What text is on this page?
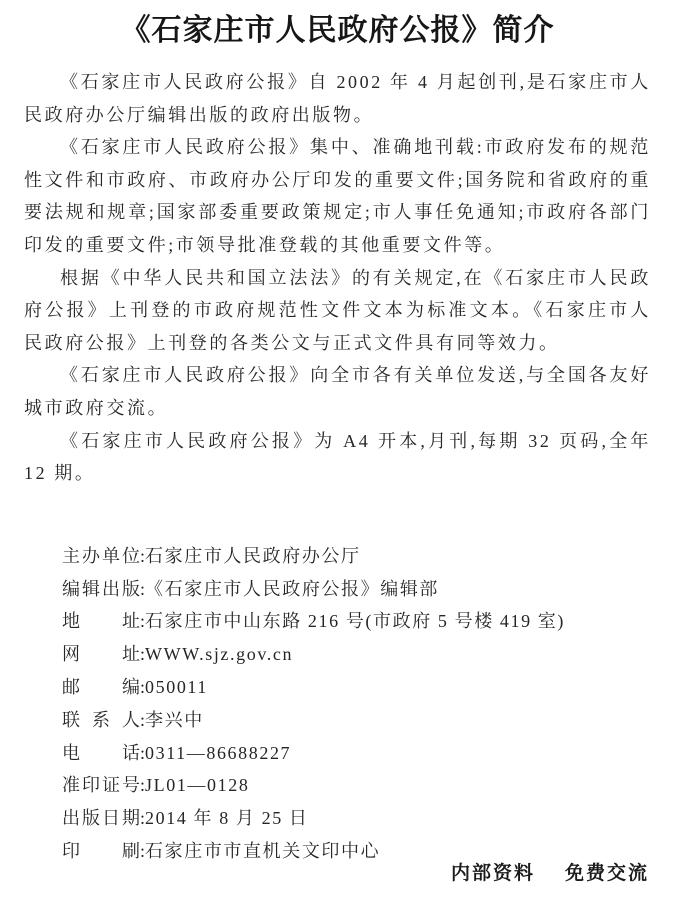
《石家庄市人民政府公报》简介

《石家庄市人民政府公报》自 2002 年 4 月起创刊,是石家庄市人民政府办公厅编辑出版的政府出版物。

《石家庄市人民政府公报》集中、准确地刊载:市政府发布的规范性文件和市政府、市政府办公厅印发的重要文件;国务院和省政府的重要法规和规章;国家部委重要政策规定;市人事任免通知;市政府各部门印发的重要文件;市领导批准登载的其他重要文件等。

根据《中华人民共和国立法法》的有关规定,在《石家庄市人民政府公报》上刊登的市政府规范性文件文本为标准文本。《石家庄市人民政府公报》上刊登的各类公文与正式文件具有同等效力。

《石家庄市人民政府公报》向全市各有关单位发送,与全国各友好城市政府交流。

《石家庄市人民政府公报》为 A4 开本,月刊,每期 32 页码,全年 12 期。

主办单位:石家庄市人民政府办公厅
编辑出版:《石家庄市人民政府公报》编辑部
地址:石家庄市中山东路 216 号(市政府 5 号楼 419 室)
网址:WWW.sjz.gov.cn
邮编:050011
联系人:李兴中
电话:0311—86688227
准印证号:JL01—0128
出版日期:2014 年 8 月 25 日
印刷:石家庄市市直机关文印中心
内部资料 免费交流
